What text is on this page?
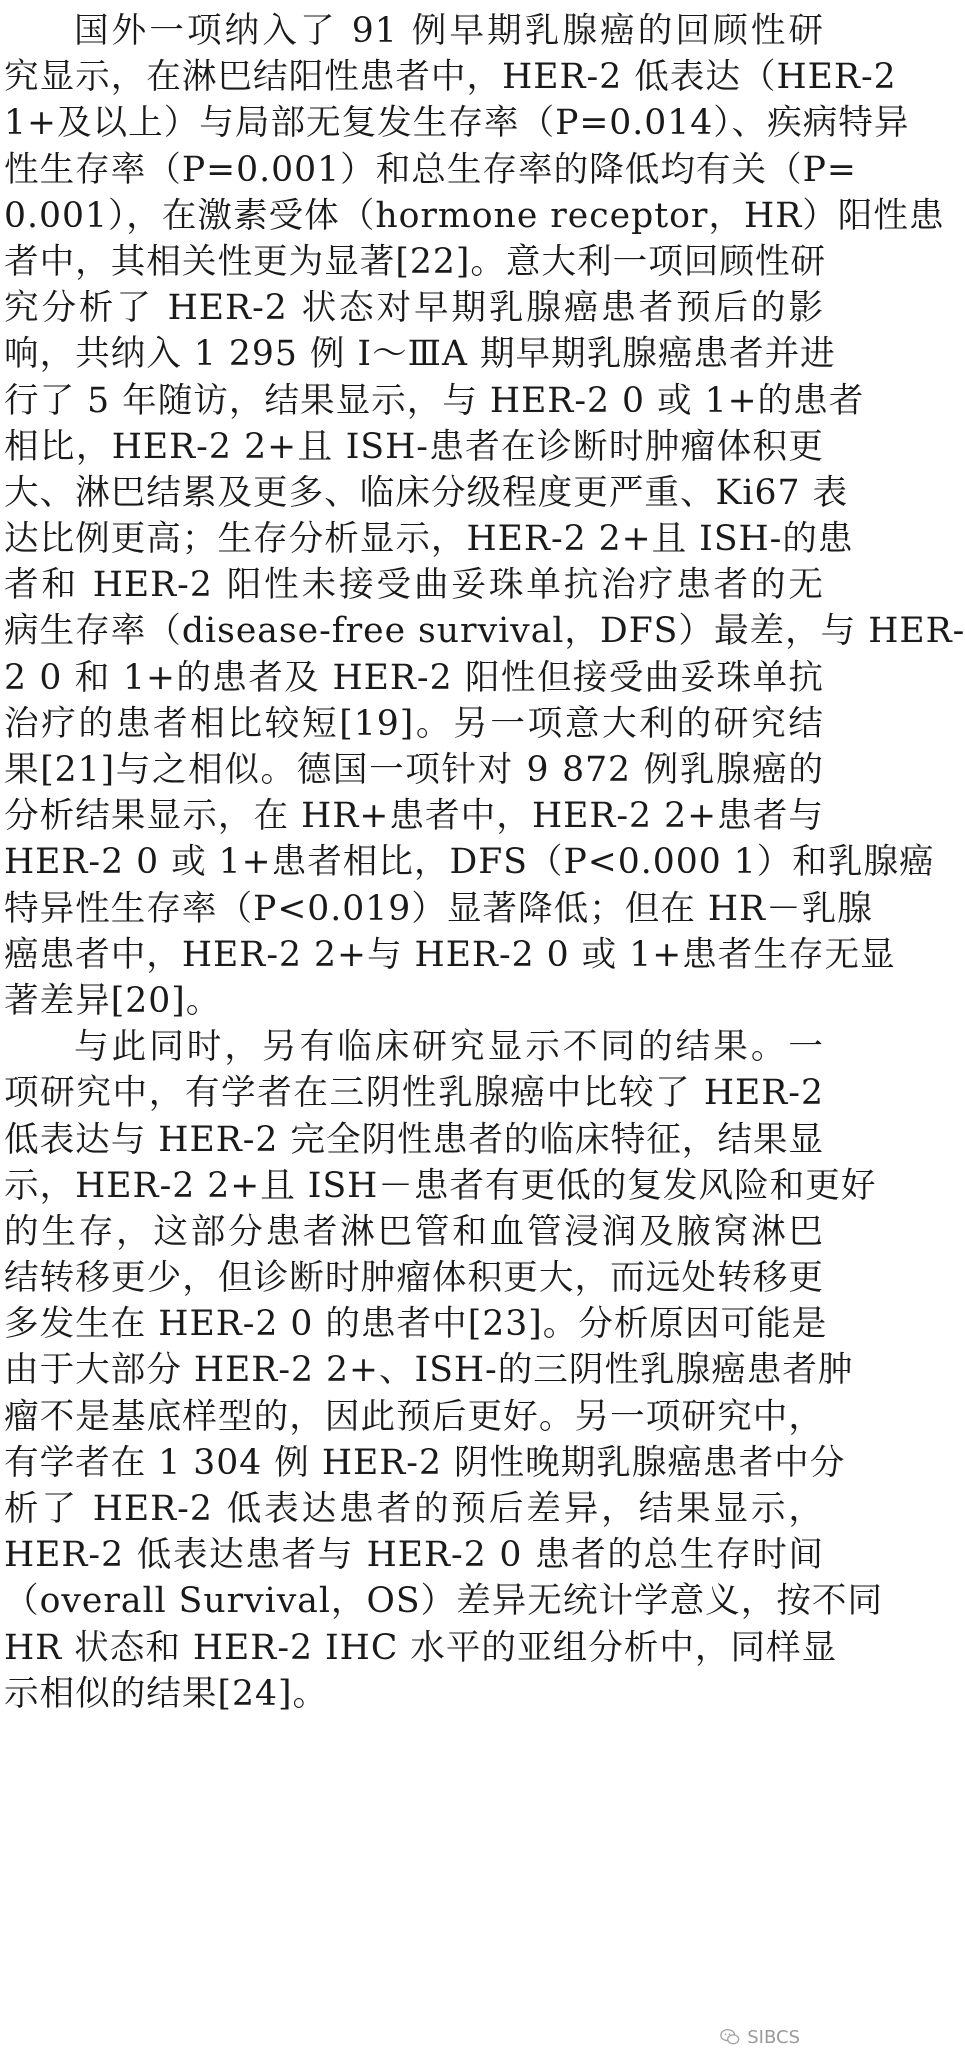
国外一项纳入了 91 例早期乳腺癌的回顾性研
究显示，在淋巴结阳性患者中，HER-2 低表达（HER-2
1+及以上）与局部无复发生存率（P=0.014）、疾病特异
性生存率（P=0.001）和总生存率的降低均有关（P=
0.001），在激素受体（hormone receptor，HR）阳性患
者中，其相关性更为显著[22]。意大利一项回顾性研
究分析了 HER-2 状态对早期乳腺癌患者预后的影
响，共纳入 1 295 例 Ⅰ～ⅢA 期早期乳腺癌患者并进
行了 5 年随访，结果显示，与 HER-2 0 或 1+的患者
相比，HER-2 2+且 ISH-患者在诊断时肿瘤体积更
大、淋巴结累及更多、临床分级程度更严重、Ki67 表
达比例更高；生存分析显示，HER-2 2+且 ISH-的患
者和 HER-2 阳性未接受曲妥珠单抗治疗患者的无
病生存率（disease-free survival，DFS）最差，与 HER-
2 0 和 1+的患者及 HER-2 阳性但接受曲妥珠单抗
治疗的患者相比较短[19]。另一项意大利的研究结
果[21]与之相似。德国一项针对 9 872 例乳腺癌的
分析结果显示，在 HR+患者中，HER-2 2+患者与
HER-2 0 或 1+患者相比，DFS（P<0.000 1）和乳腺癌
特异性生存率（P<0.019）显著降低；但在 HR－乳腺
癌患者中，HER-2 2+与 HER-2 0 或 1+患者生存无显
著差异[20]。
与此同时，另有临床研究显示不同的结果。一
项研究中，有学者在三阴性乳腺癌中比较了 HER-2
低表达与 HER-2 完全阴性患者的临床特征，结果显
示，HER-2 2+且 ISH－患者有更低的复发风险和更好
的生存，这部分患者淋巴管和血管浸润及腋窝淋巴
结转移更少，但诊断时肿瘤体积更大，而远处转移更
多发生在 HER-2 0 的患者中[23]。分析原因可能是
由于大部分 HER-2 2+、ISH-的三阴性乳腺癌患者肿
瘤不是基底样型的，因此预后更好。另一项研究中，
有学者在 1 304 例 HER-2 阴性晚期乳腺癌患者中分
析了 HER-2 低表达患者的预后差异，结果显示，
HER-2 低表达患者与 HER-2 0 患者的总生存时间
（overall Survival，OS）差异无统计学意义，按不同
HR 状态和 HER-2 IHC 水平的亚组分析中，同样显
示相似的结果[24]。
SIBCS
